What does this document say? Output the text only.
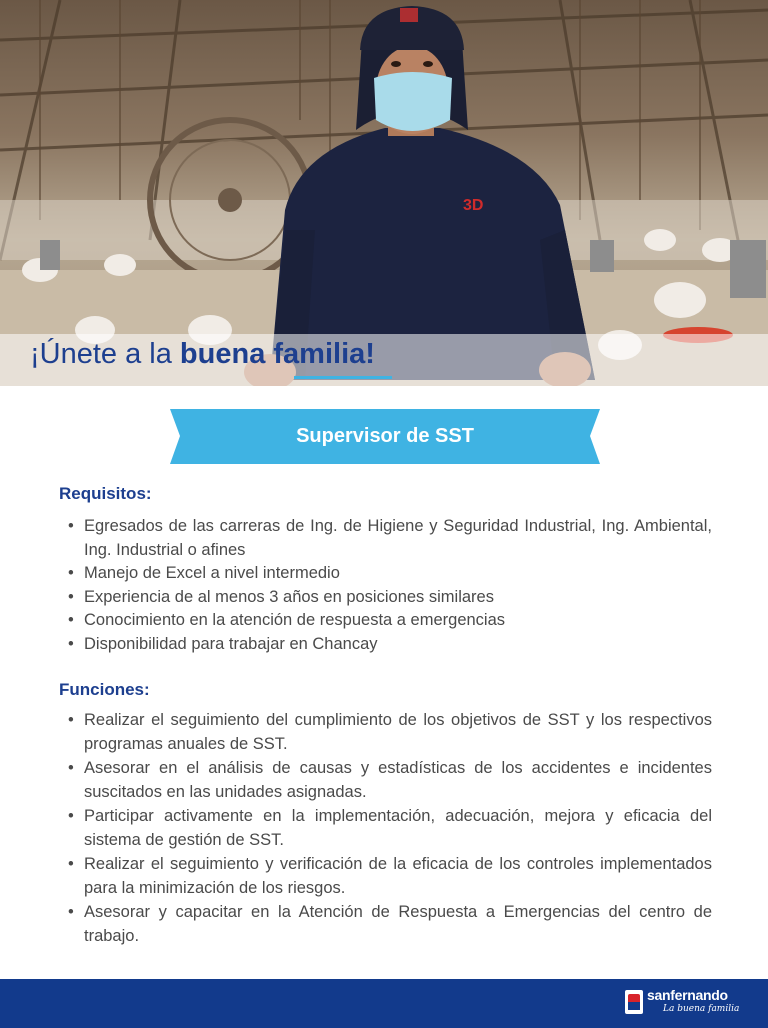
3D
¡Únete a la buena familia!
Supervisor de SST
Requisitos:
• Egresados de las carreras de Ing. de Higiene y Seguridad Industrial, Ing. Ambiental, Ing. Industrial o afines
• Manejo de Excel a nivel intermedio
• Experiencia de al menos 3 años en posiciones similares
• Conocimiento en la atención de respuesta a emergencias
• Disponibilidad para trabajar en Chancay
Funciones:
• Realizar el seguimiento del cumplimiento de los objetivos de SST y los respectivos programas anuales de SST.
• Asesorar en el análisis de causas y estadísticas de los accidentes e incidentes suscitados en las unidades asignadas.
• Participar activamente en la implementación, adecuación, mejora y eficacia del sistema de gestión de SST.
• Realizar el seguimiento y verificación de la eficacia de los controles implementados para la minimización de los riesgos.
• Asesorar y capacitar en la Atención de Respuesta a Emergencias del centro de trabajo.
sanfernando
La buena familia
